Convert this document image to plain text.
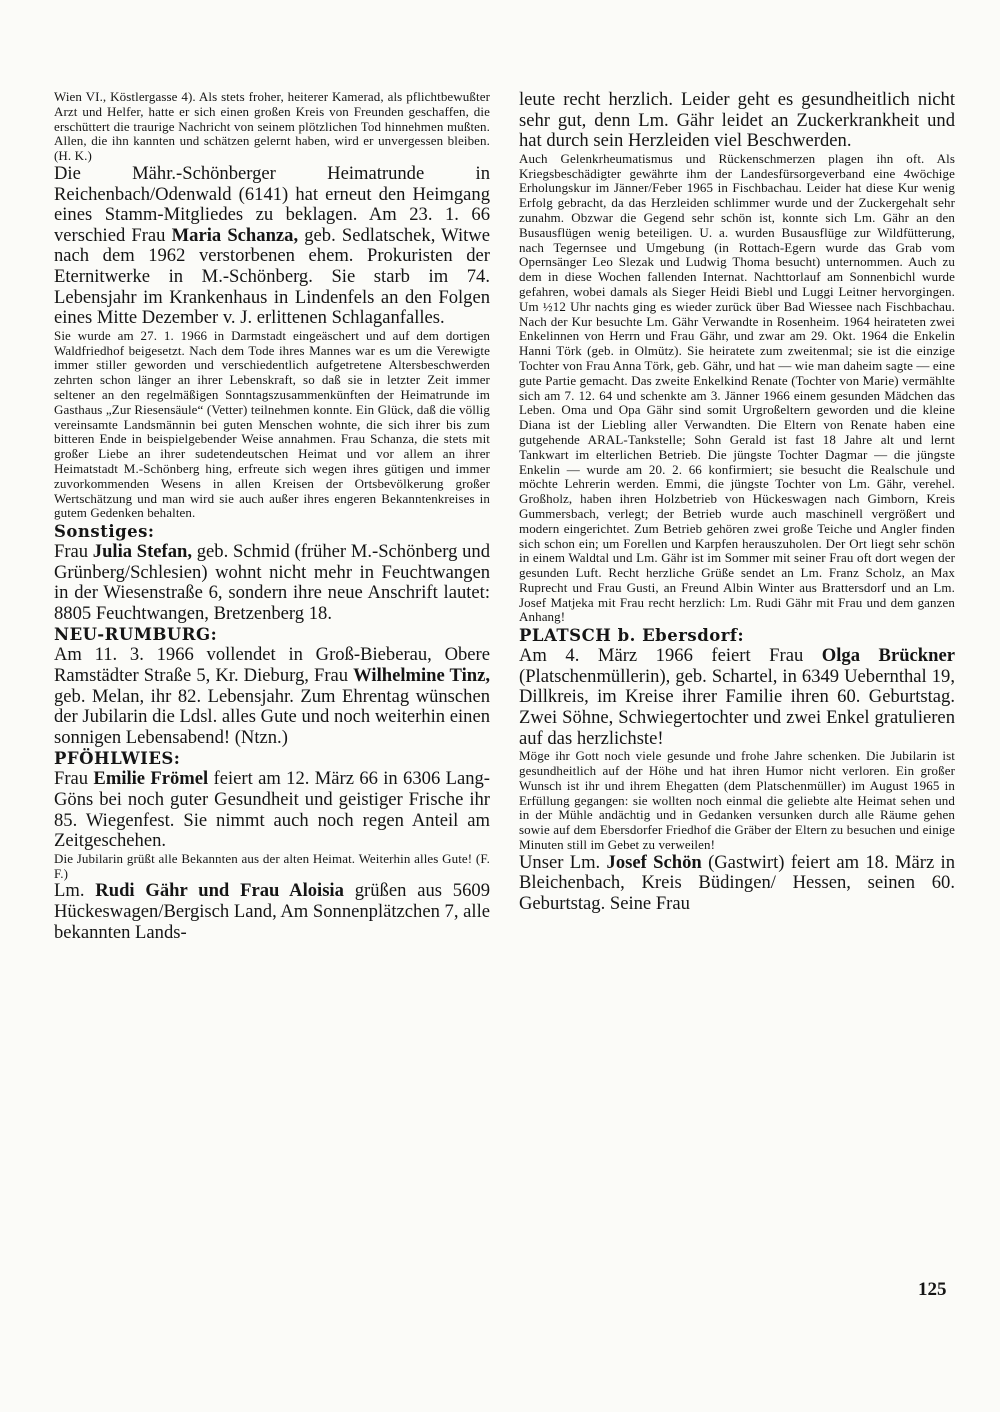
Wien VI., Köstlergasse 4). Als stets froher, heiterer Kamerad, als pflichtbewußter Arzt und Helfer, hatte er sich einen großen Kreis von Freunden geschaffen, die erschüttert die traurige Nachricht von seinem plötzlichen Tod hinnehmen mußten. Allen, die ihn kannten und schätzen gelernt haben, wird er unvergessen bleiben. (H. K.)

Die Mähr.-Schönberger Heimatrunde in Reichenbach/Odenwald (6141) hat erneut den Heimgang eines Stamm-Mitgliedes zu beklagen. Am 23. 1. 66 verschied Frau Maria Schanza, geb. Sedlatschek, Witwe nach dem 1962 verstorbenen ehem. Prokuristen der Eternitwerke in M.-Schönberg. Sie starb im 74. Lebensjahr im Krankenhaus in Lindenfels an den Folgen eines Mitte Dezember v. J. erlittenen Schlaganfalles.

Sie wurde am 27. 1. 1966 in Darmstadt eingeäschert und auf dem dortigen Waldfriedhof beigesetzt. Nach dem Tode ihres Mannes war es um die Verewigte immer stiller geworden und verschiedentlich aufgetretene Altersbeschwerden zehrten schon länger an ihrer Lebenskraft, so daß sie in letzter Zeit immer seltener an den regelmäßigen Sonntagszusammenkünften der Heimatrunde im Gasthaus „Zur Riesensäule“ (Vetter) teilnehmen konnte. Ein Glück, daß die völlig vereinsamte Landsmännin bei guten Menschen wohnte, die sich ihrer bis zum bitteren Ende in beispielgebender Weise annahmen. Frau Schanza, die stets mit großer Liebe an ihrer sudetendeutschen Heimat und vor allem an ihrer Heimatstadt M.-Schönberg hing, erfreute sich wegen ihres gütigen und immer zuvorkommenden Wesens in allen Kreisen der Ortsbevölkerung großer Wertschätzung und man wird sie auch außer ihres engeren Bekanntenkreises in gutem Gedenken behalten.

Sonstiges:

Frau Julia Stefan, geb. Schmid (früher M.-Schönberg und Grünberg/Schlesien) wohnt nicht mehr in Feuchtwangen in der Wiesenstraße 6, sondern ihre neue Anschrift lautet: 8805 Feuchtwangen, Bretzenberg 18.

NEU-RUMBURG:

Am 11. 3. 1966 vollendet in Groß-Bieberau, Obere Ramstädter Straße 5, Kr. Dieburg, Frau Wilhelmine Tinz, geb. Melan, ihr 82. Lebensjahr. Zum Ehrentag wünschen der Jubilarin die Ldsl. alles Gute und noch weiterhin einen sonnigen Lebensabend! (Ntzn.)

PFÖHLWIES:

Frau Emilie Frömel feiert am 12. März 66 in 6306 Lang-Göns bei noch guter Gesundheit und geistiger Frische ihr 85. Wiegenfest. Sie nimmt auch noch regen Anteil am Zeitgeschehen.

Die Jubilarin grüßt alle Bekannten aus der alten Heimat. Weiterhin alles Gute! (F. F.)

Lm. Rudi Gähr und Frau Aloisia grüßen aus 5609 Hückeswagen/Bergisch Land, Am Sonnenplätzchen 7, alle bekannten Lands-

leute recht herzlich. Leider geht es gesundheitlich nicht sehr gut, denn Lm. Gähr leidet an Zuckerkrankheit und hat durch sein Herzleiden viel Beschwerden.

Auch Gelenkrheumatismus und Rückenschmerzen plagen ihn oft. Als Kriegsbeschädigter gewährte ihm der Landesfürsorgeverband eine 4wöchige Erholungskur im Jänner/Feber 1965 in Fischbachau. Leider hat diese Kur wenig Erfolg gebracht, da das Herzleiden schlimmer wurde und der Zuckergehalt sehr zunahm. Obzwar die Gegend sehr schön ist, konnte sich Lm. Gähr an den Busausflügen wenig beteiligen. U. a. wurden Busausflüge zur Wildfütterung, nach Tegernsee und Umgebung (in Rottach-Egern wurde das Grab vom Opernsänger Leo Slezak und Ludwig Thoma besucht) unternommen. Auch zu dem in diese Wochen fallenden Internat. Nachttorlauf am Sonnenbichl wurde gefahren, wobei damals als Sieger Heidi Biebl und Luggi Leitner hervorgingen. Um ½12 Uhr nachts ging es wieder zurück über Bad Wiessee nach Fischbachau. Nach der Kur besuchte Lm. Gähr Verwandte in Rosenheim. 1964 heirateten zwei Enkelinnen von Herrn und Frau Gähr, und zwar am 29. Okt. 1964 die Enkelin Hanni Törk (geb. in Olmütz). Sie heiratete zum zweitenmal; sie ist die einzige Tochter von Frau Anna Törk, geb. Gähr, und hat — wie man daheim sagte — eine gute Partie gemacht. Das zweite Enkelkind Renate (Tochter von Marie) vermählte sich am 7. 12. 64 und schenkte am 3. Jänner 1966 einem gesunden Mädchen das Leben. Oma und Opa Gähr sind somit Urgroßeltern geworden und die kleine Diana ist der Liebling aller Verwandten. Die Eltern von Renate haben eine gutgehende ARAL-Tankstelle; Sohn Gerald ist fast 18 Jahre alt und lernt Tankwart im elterlichen Betrieb. Die jüngste Tochter Dagmar — die jüngste Enkelin — wurde am 20. 2. 66 konfirmiert; sie besucht die Realschule und möchte Lehrerin werden. Emmi, die jüngste Tochter von Lm. Gähr, verehel. Großholz, haben ihren Holzbetrieb von Hückeswagen nach Gimborn, Kreis Gummersbach, verlegt; der Betrieb wurde auch maschinell vergrößert und modern eingerichtet. Zum Betrieb gehören zwei große Teiche und Angler finden sich schon ein; um Forellen und Karpfen herauszuholen. Der Ort liegt sehr schön in einem Waldtal und Lm. Gähr ist im Sommer mit seiner Frau oft dort wegen der gesunden Luft. Recht herzliche Grüße sendet an Lm. Franz Scholz, an Max Ruprecht und Frau Gusti, an Freund Albin Winter aus Brattersdorf und an Lm. Josef Matjeka mit Frau recht herzlich: Lm. Rudi Gähr mit Frau und dem ganzen Anhang!

PLATSCH b. Ebersdorf:

Am 4. März 1966 feiert Frau Olga Brückner (Platschenmüllerin), geb. Schartel, in 6349 Uebernthal 19, Dillkreis, im Kreise ihrer Familie ihren 60. Geburtstag. Zwei Söhne, Schwiegertochter und zwei Enkel gratulieren auf das herzlichste!

Möge ihr Gott noch viele gesunde und frohe Jahre schenken. Die Jubilarin ist gesundheitlich auf der Höhe und hat ihren Humor nicht verloren. Ein großer Wunsch ist ihr und ihrem Ehegatten (dem Platschenmüller) im August 1965 in Erfüllung gegangen: sie wollten noch einmal die geliebte alte Heimat sehen und in der Mühle andächtig und in Gedanken versunken durch alle Räume gehen sowie auf dem Ebersdorfer Friedhof die Gräber der Eltern zu besuchen und einige Minuten still im Gebet zu verweilen!

Unser Lm. Josef Schön (Gastwirt) feiert am 18. März in Bleichenbach, Kreis Büdingen/ Hessen, seinen 60. Geburtstag. Seine Frau

125
